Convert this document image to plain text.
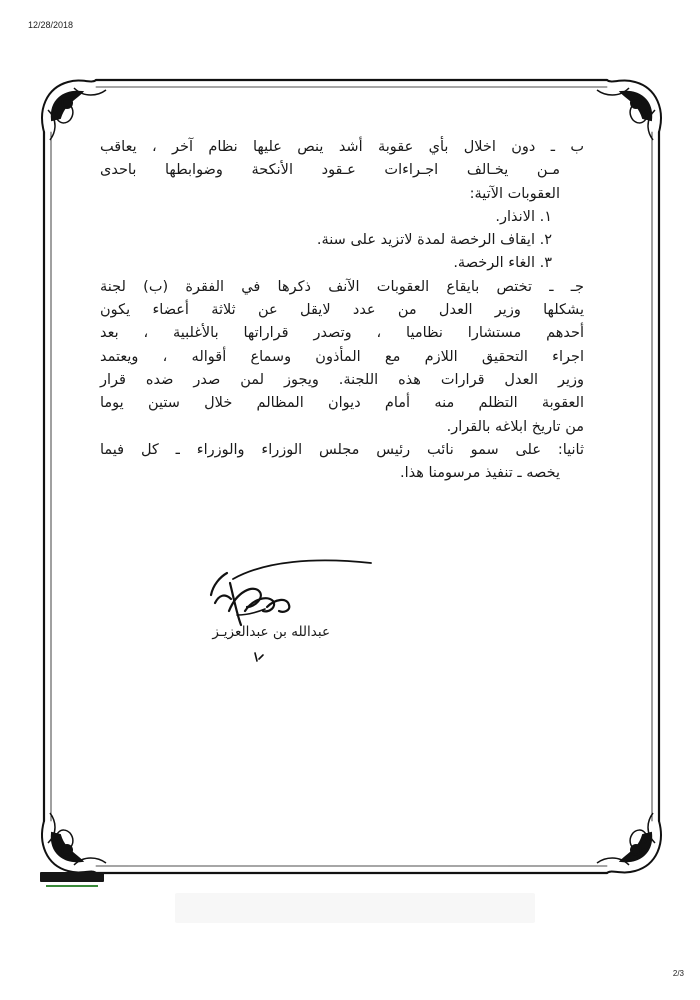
12/28/2018
ب ـ دون اخلال بأي عقوبة أشد ينص عليها نظام آخر ، يعاقب
مـن يخـالف اجـراءات عـقود الأنكحة وضوابطها باحدى
العقوبات الآتية:
١. الانذار.
٢. ايقاف الرخصة لمدة لاتزيد على سنة.
٣. الغاء الرخصة.
جـ ـ تختص بايقاع العقوبات الآنف ذكرها في الفقرة (ب) لجنة
يشكلها وزير العدل من عدد لايقل عن ثلاثة أعضاء يكون
أحدهم مستشارا نظاميا ، وتصدر قراراتها بالأغلبية ، بعد
اجراء التحقيق اللازم مع المأذون وسماع أقواله ، ويعتمد
وزير العدل قرارات هذه اللجنة. ويجوز لمن صدر ضده قرار
العقوبة التظلم منه أمام ديوان المظالم خلال ستين يوما
من تاريخ ابلاغه بالقرار.
ثانيا: على سمو نائب رئيس مجلس الوزراء والوزراء ـ كل فيما
يخصه ـ تنفيذ مرسومنا هذا.
عبدالله بن عبدالعزيـز
2/3
